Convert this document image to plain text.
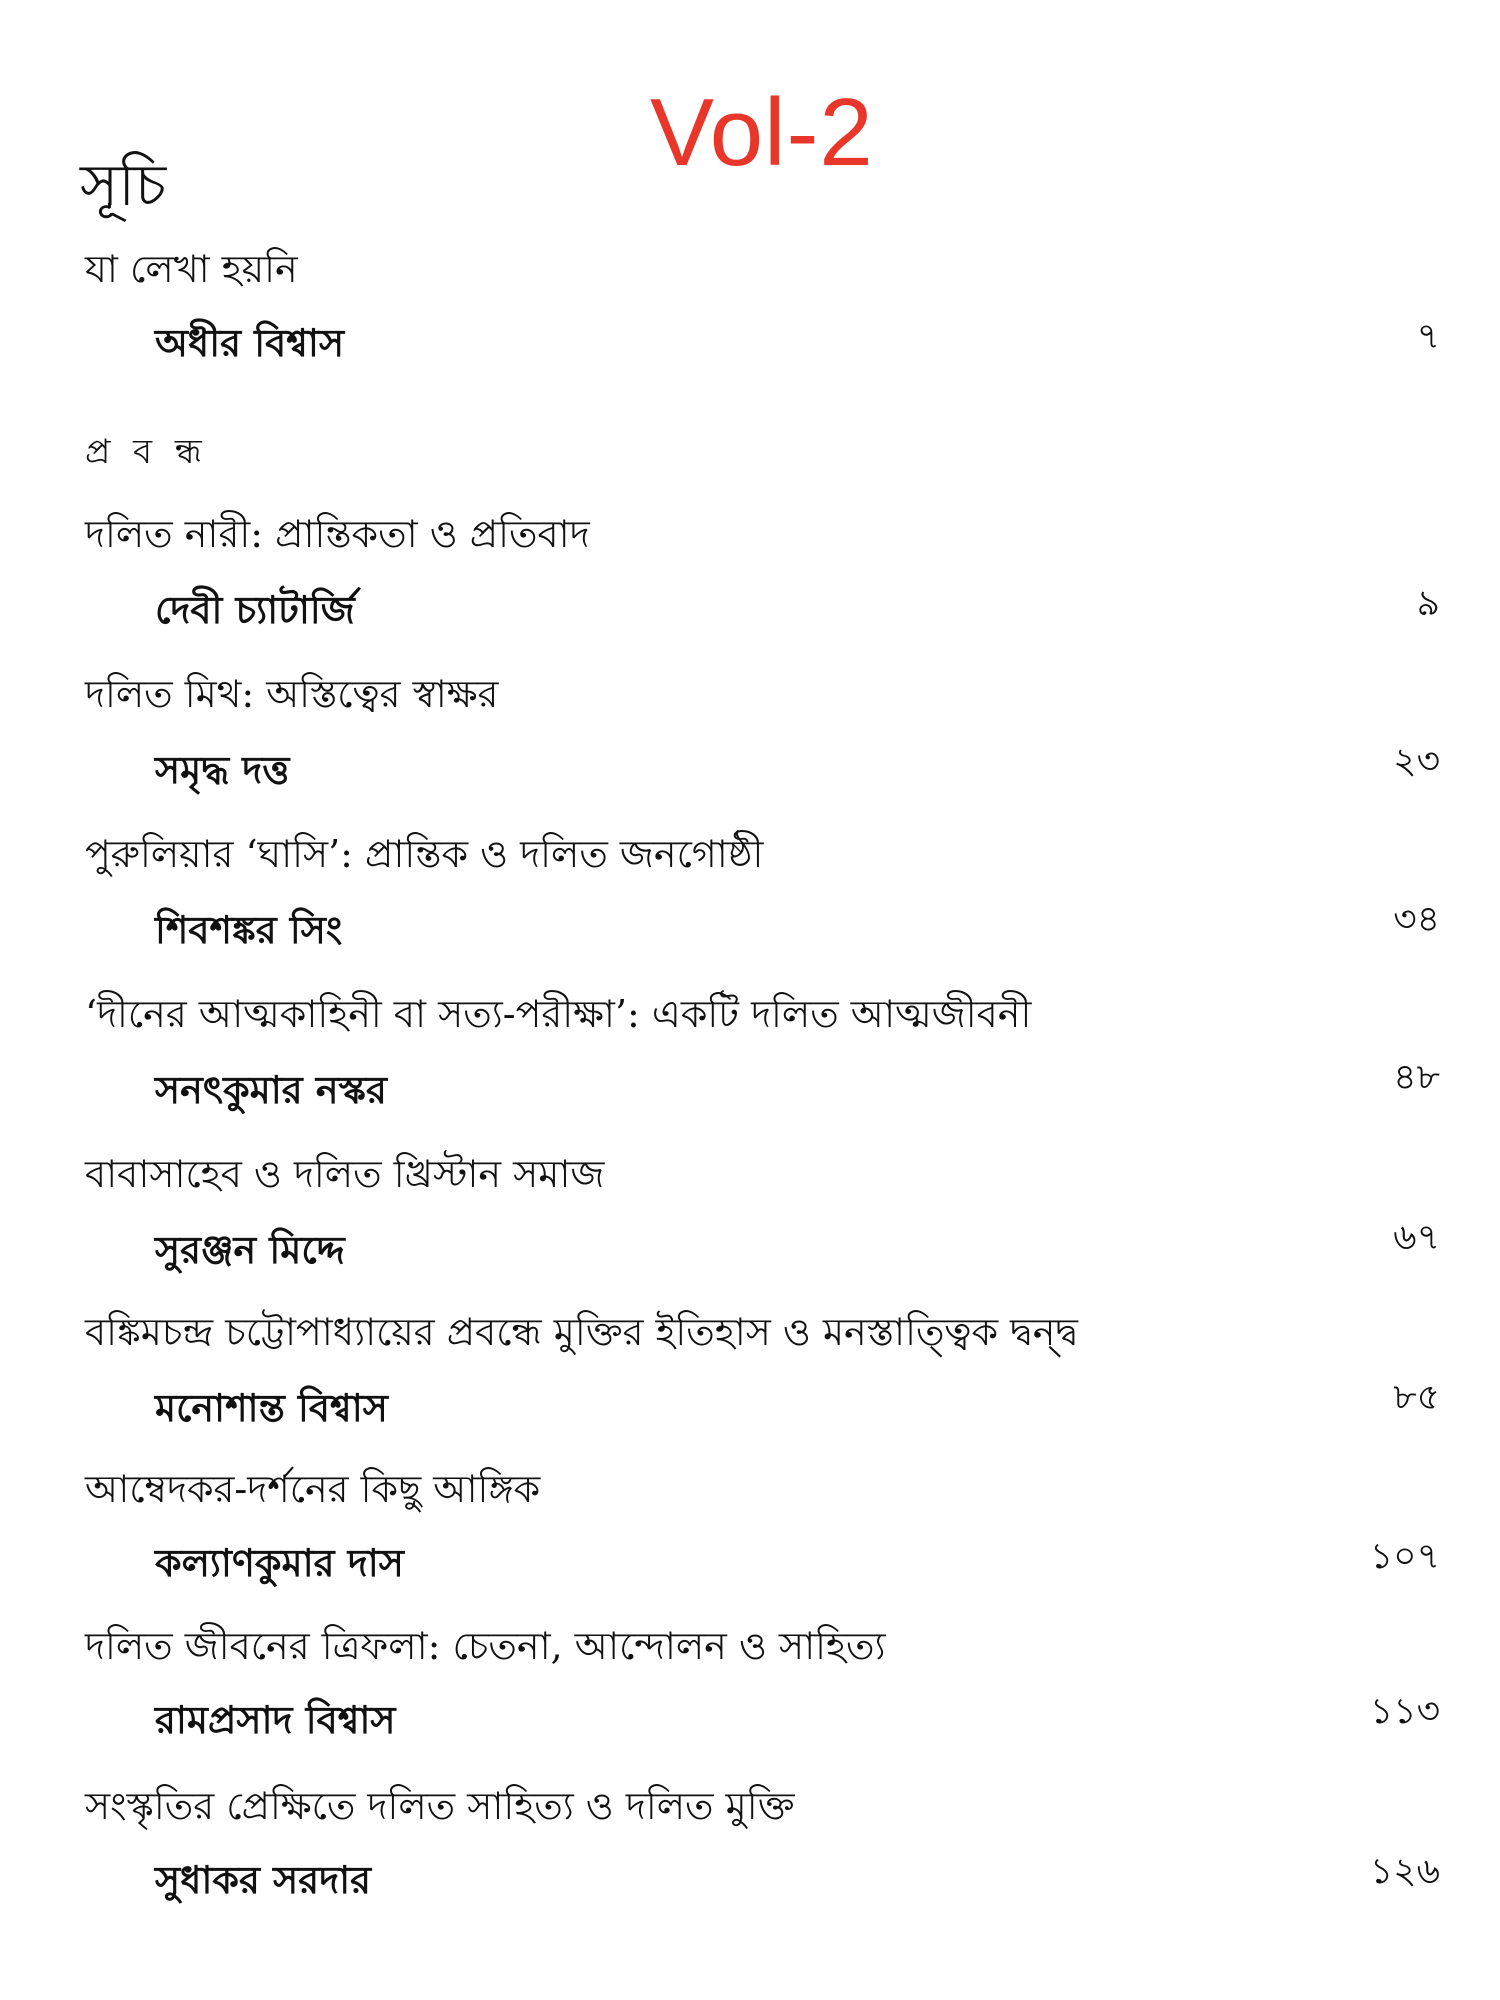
Vol-2
সূচি
যা লেখা হয়নি
অধীর বিশ্বাস	৭
প্র ব ন্ধ
দলিত নারী: প্রান্তিকতা ও প্রতিবাদ
দেবী চ্যাটার্জি	৯
দলিত মিথ: অস্তিত্বের স্বাক্ষর
সমৃদ্ধ দত্ত	২৩
পুরুলিয়ার ‘ঘাসি’: প্রান্তিক ও দলিত জনগোষ্ঠী
শিবশঙ্কর সিং	৩৪
‘দীনের আত্মকাহিনী বা সত্য-পরীক্ষা’: একটি দলিত আত্মজীবনী
সনৎকুমার নস্কর	৪৮
বাবাসাহেব ও দলিত খ্রিস্টান সমাজ
সুরঞ্জন মিদ্দে	৬৭
বঙ্কিমচন্দ্র চট্টোপাধ্যায়ের প্রবন্ধে মুক্তির ইতিহাস ও মনস্তাত্ত্বিক দ্বন্দ্ব
মনোশান্ত বিশ্বাস	৮৫
আম্বেদকর-দর্শনের কিছু আঙ্গিক
কল্যাণকুমার দাস	১০৭
দলিত জীবনের ত্রিফলা: চেতনা, আন্দোলন ও সাহিত্য
রামপ্রসাদ বিশ্বাস	১১৩
সংস্কৃতির প্রেক্ষিতে দলিত সাহিত্য ও দলিত মুক্তি
সুধাকর সরদার	১২৬
